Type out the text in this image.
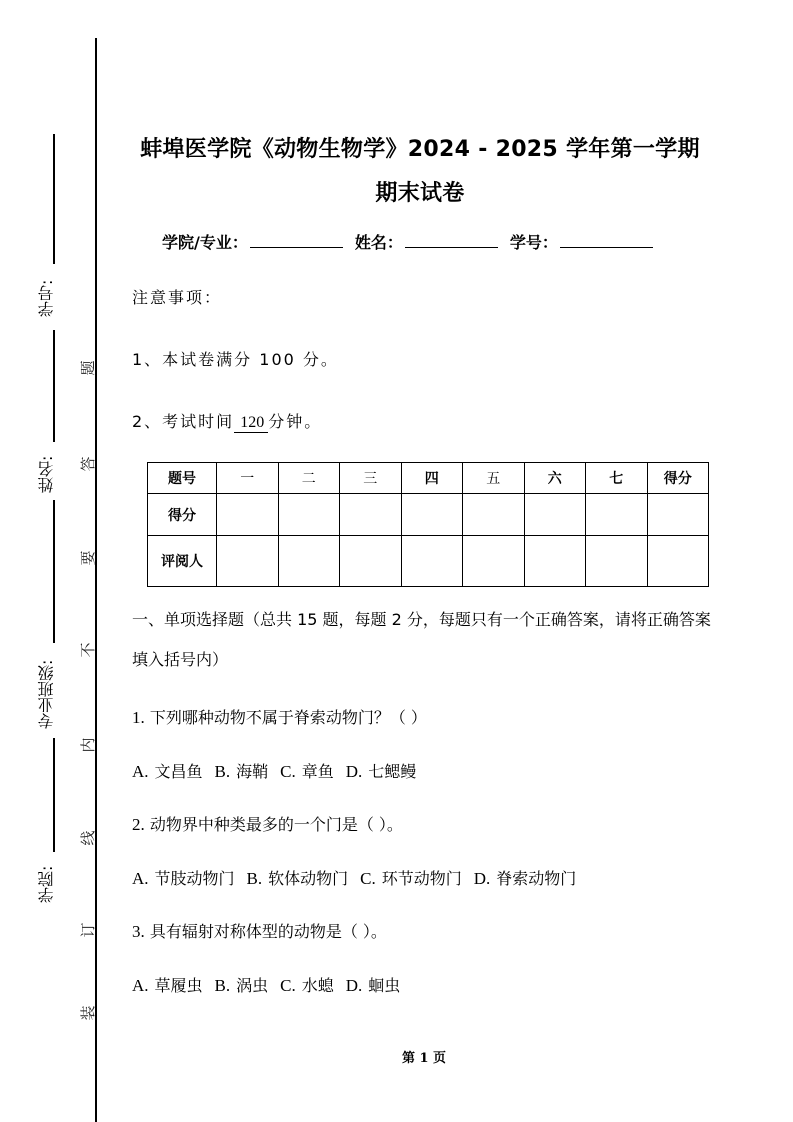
学号:
姓名:
专业班级:
学院:
题
答
要
不
内
线
订
装
蚌埠医学院《动物生物学》2024 - 2025 学年第一学期
期末试卷
学院/专业：	姓名：	学号：
注意事项：
1、本试卷满分 100 分。
2、考试时间 120 分钟。
题号	一	二	三	四	五	六	七	得分
得分								
评阅人								
一、单项选择题（总共 15 题，每题 2 分，每题只有一个正确答案，请将正确答案填入括号内）
1. 下列哪种动物不属于脊索动物门？（ ）
A. 文昌鱼 B. 海鞘 C. 章鱼 D. 七鳃鳗
2. 动物界中种类最多的一个门是（ ）。
A. 节肢动物门 B. 软体动物门 C. 环节动物门 D. 脊索动物门
3. 具有辐射对称体型的动物是（ ）。
A. 草履虫 B. 涡虫 C. 水螅 D. 蛔虫
第 1 页
